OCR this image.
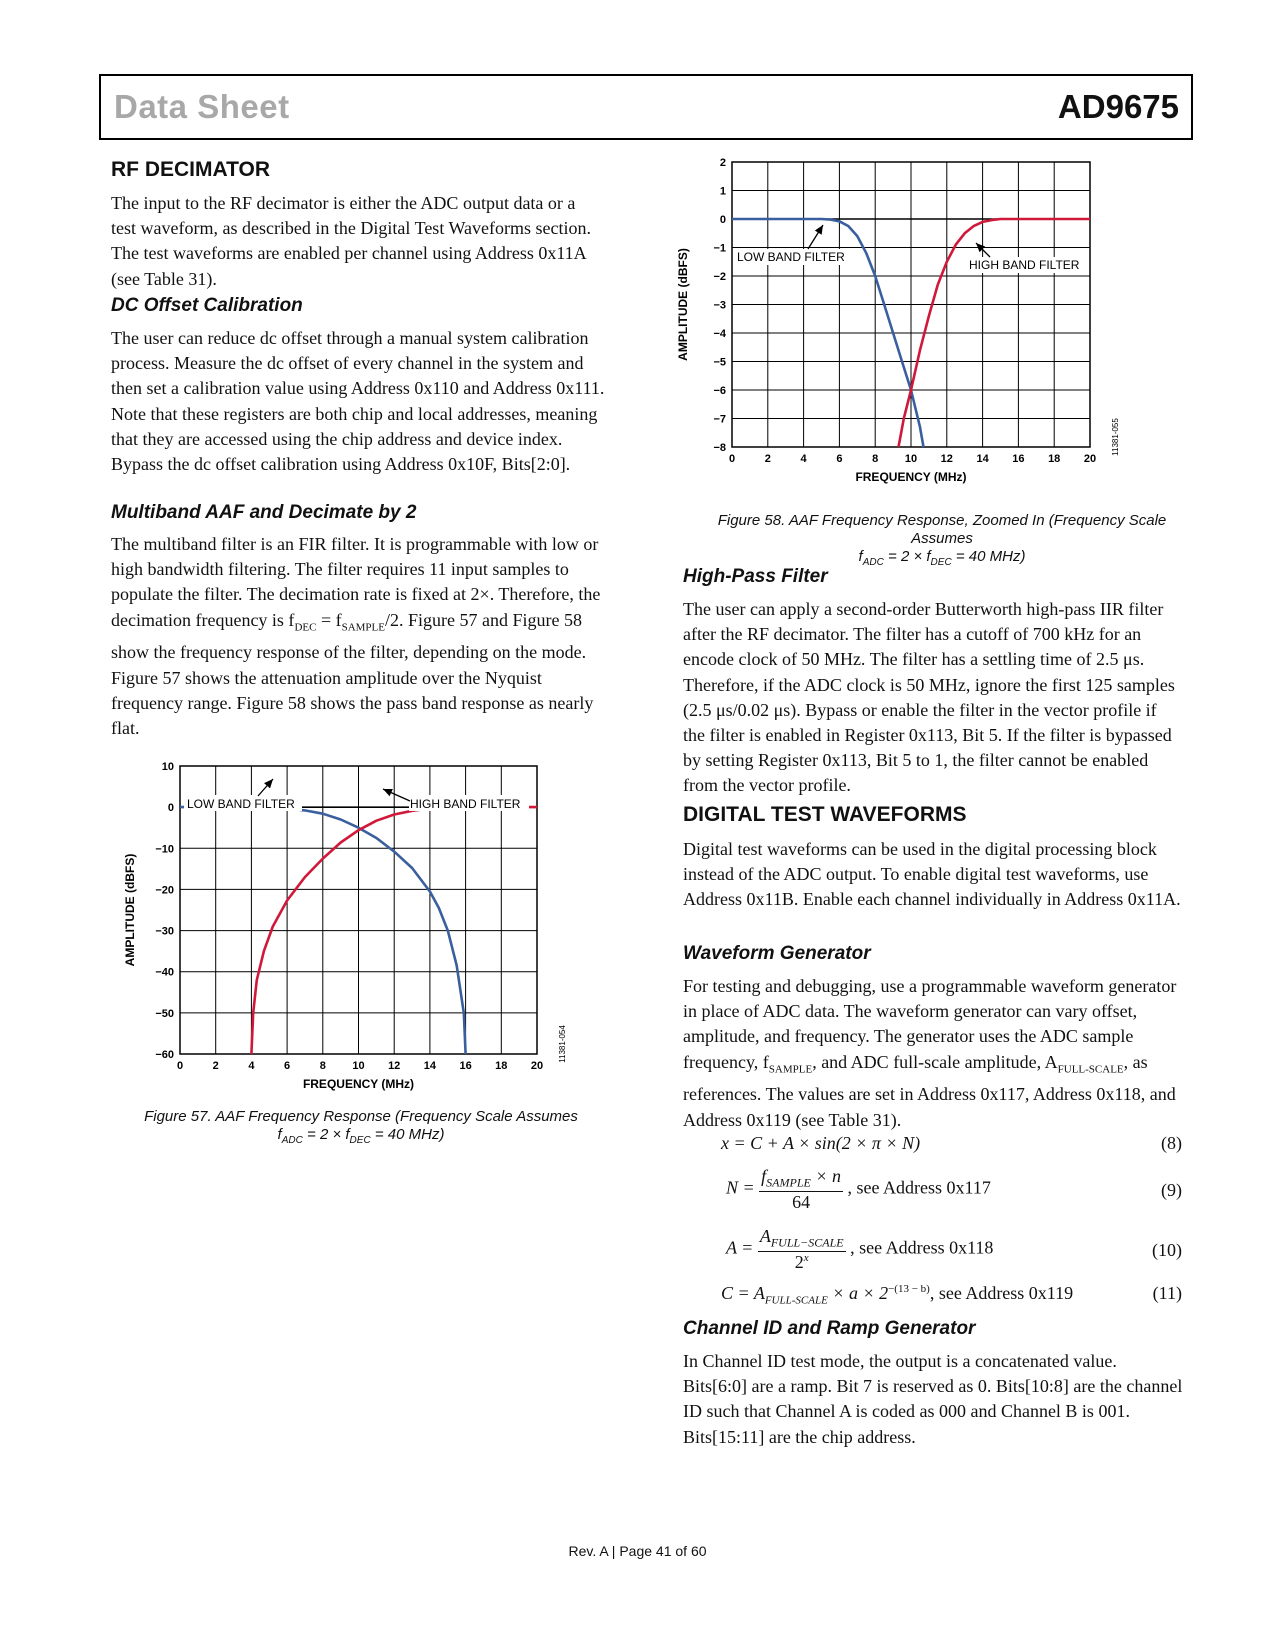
Data Sheet	AD9675
RF DECIMATOR

The input to the RF decimator is either the ADC output data or a test waveform, as described in the Digital Test Waveforms section. The test waveforms are enabled per channel using Address 0x11A (see Table 31).

DC Offset Calibration

The user can reduce dc offset through a manual system calibration process. Measure the dc offset of every channel in the system and then set a calibration value using Address 0x110 and Address 0x111. Note that these registers are both chip and local addresses, meaning that they are accessed using the chip address and device index. Bypass the dc offset calibration using Address 0x10F, Bits[2:0].

Multiband AAF and Decimate by 2

The multiband filter is an FIR filter. It is programmable with low or high bandwidth filtering. The filter requires 11 input samples to populate the filter. The decimation rate is fixed at 2×. Therefore, the decimation frequency is $f_{DEC} = f_{SAMPLE}/2$. Figure 57 and Figure 58 show the frequency response of the filter, depending on the mode. Figure 57 shows the attenuation amplitude over the Nyquist frequency range. Figure 58 shows the pass band response as nearly flat.

0	2	4	6	8 10 12 14 16 18 20
10
0
−10
−20
−30
−40
−50
−60
FREQUENCY (MHz)
AMPLITUDE (dBFS)
11381-054
LOW BAND FILTER	HIGH BAND FILTER
Figure 57. AAF Frequency Response (Frequency Scale Assumes
$f_{ADC} = 2 \times f_{DEC} = 40$ MHz)
0	2	4	6	8 10 12 14 16 18 20
2
1
0
−1
−2
−3
−4
−5
−6
−7
−8
FREQUENCY (MHz)
AMPLITUDE (dBFS)
11381-055
LOW BAND FILTER
HIGH BAND FILTER
Figure 58. AAF Frequency Response, Zoomed In (Frequency Scale Assumes
$f_{ADC} = 2 \times f_{DEC} = 40$ MHz)
High-Pass Filter

The user can apply a second-order Butterworth high-pass IIR filter after the RF decimator. The filter has a cutoff of 700 kHz for an encode clock of 50 MHz. The filter has a settling time of 2.5 μs. Therefore, if the ADC clock is 50 MHz, ignore the first 125 samples (2.5 μs/0.02 μs). Bypass or enable the filter in the vector profile if the filter is enabled in Register 0x113, Bit 5. If the filter is bypassed by setting Register 0x113, Bit 5 to 1, the filter cannot be enabled from the vector profile.

DIGITAL TEST WAVEFORMS

Digital test waveforms can be used in the digital processing block instead of the ADC output. To enable digital test waveforms, use Address 0x11B. Enable each channel individually in Address 0x11A.

Waveform Generator

For testing and debugging, use a programmable waveform generator in place of ADC data. The waveform generator can vary offset, amplitude, and frequency. The generator uses the ADC sample frequency, $f_{SAMPLE}$, and ADC full-scale amplitude, $A_{FULL-SCALE}$, as references. The values are set in Address 0x117, Address 0x118, and Address 0x119 (see Table 31).

x = C + A × sin(2 × π × N)	(8)
$N = \frac{f_{SAMPLE} \times n}{64}$ , see Address 0x117	(9)
$A = \frac{A_{FULL-SCALE}}{2^x}$ , see Address 0x118	(10)
$C = A_{FULL-SCALE} \times a \times 2^{-(13 - b)}$, see Address 0x119	(11)
Channel ID and Ramp Generator

In Channel ID test mode, the output is a concatenated value. Bits[6:0] are a ramp. Bit 7 is reserved as 0. Bits[10:8] are the channel ID such that Channel A is coded as 000 and Channel B is 001. Bits[15:11] are the chip address.

Rev. A | Page 41 of 60
